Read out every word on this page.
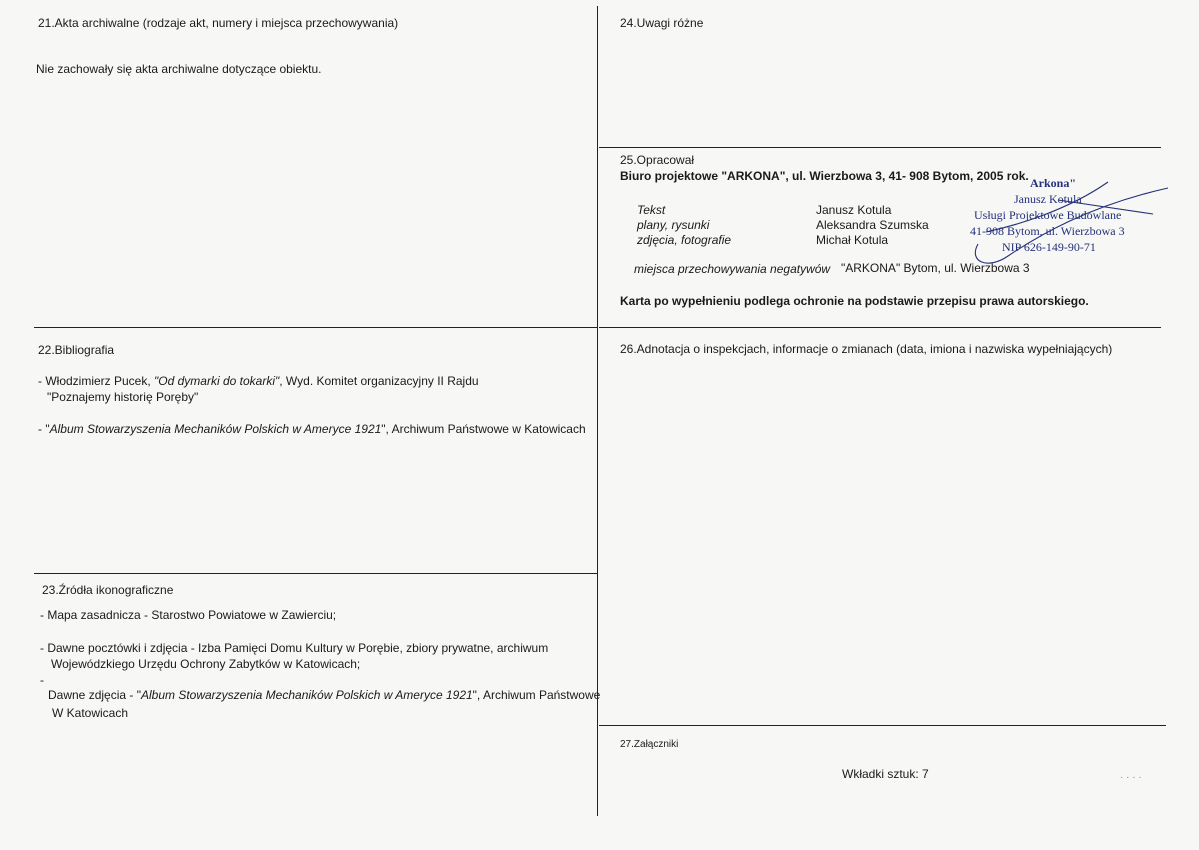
21.Akta archiwalne (rodzaje akt, numery i miejsca przechowywania)
Nie zachowały się akta archiwalne dotyczące obiektu.
22.Bibliografia
- Włodzimierz Pucek, "Od dymarki do tokarki", Wyd. Komitet organizacyjny II Rajdu
"Poznajemy historię Poręby"
- "Album Stowarzyszenia Mechaników Polskich w Ameryce 1921", Archiwum Państwowe w Katowicach
23.Źródła ikonograficzne
- Mapa zasadnicza - Starostwo Powiatowe w Zawierciu;
- Dawne pocztówki i zdjęcia - Izba Pamięci Domu Kultury w Porębie, zbiory prywatne, archiwum
Wojewódzkiego Urzędu Ochrony Zabytków w Katowicach;
-
Dawne zdjęcia - "Album Stowarzyszenia Mechaników Polskich w Ameryce 1921", Archiwum Państwowe
W Katowicach
24.Uwagi różne
25.Opracował
Biuro projektowe "ARKONA", ul. Wierzbowa 3, 41- 908 Bytom, 2005 rok.
Tekst
plany, rysunki
zdjęcia, fotografie
Janusz Kotula
Aleksandra Szumska
Michał Kotula
miejsca przechowywania negatywów "ARKONA" Bytom, ul. Wierzbowa 3
Karta po wypełnieniu podlega ochronie na podstawie przepisu prawa autorskiego.
Arkona"
Janusz Kotula
Usługi Projektowe Budowlane
41-908 Bytom, ul. Wierzbowa 3
NIP 626-149-90-71
26.Adnotacja o inspekcjach, informacje o zmianach (data, imiona i nazwiska wypełniających)
27.Załączniki
Wkładki sztuk: 7	· · · ·
